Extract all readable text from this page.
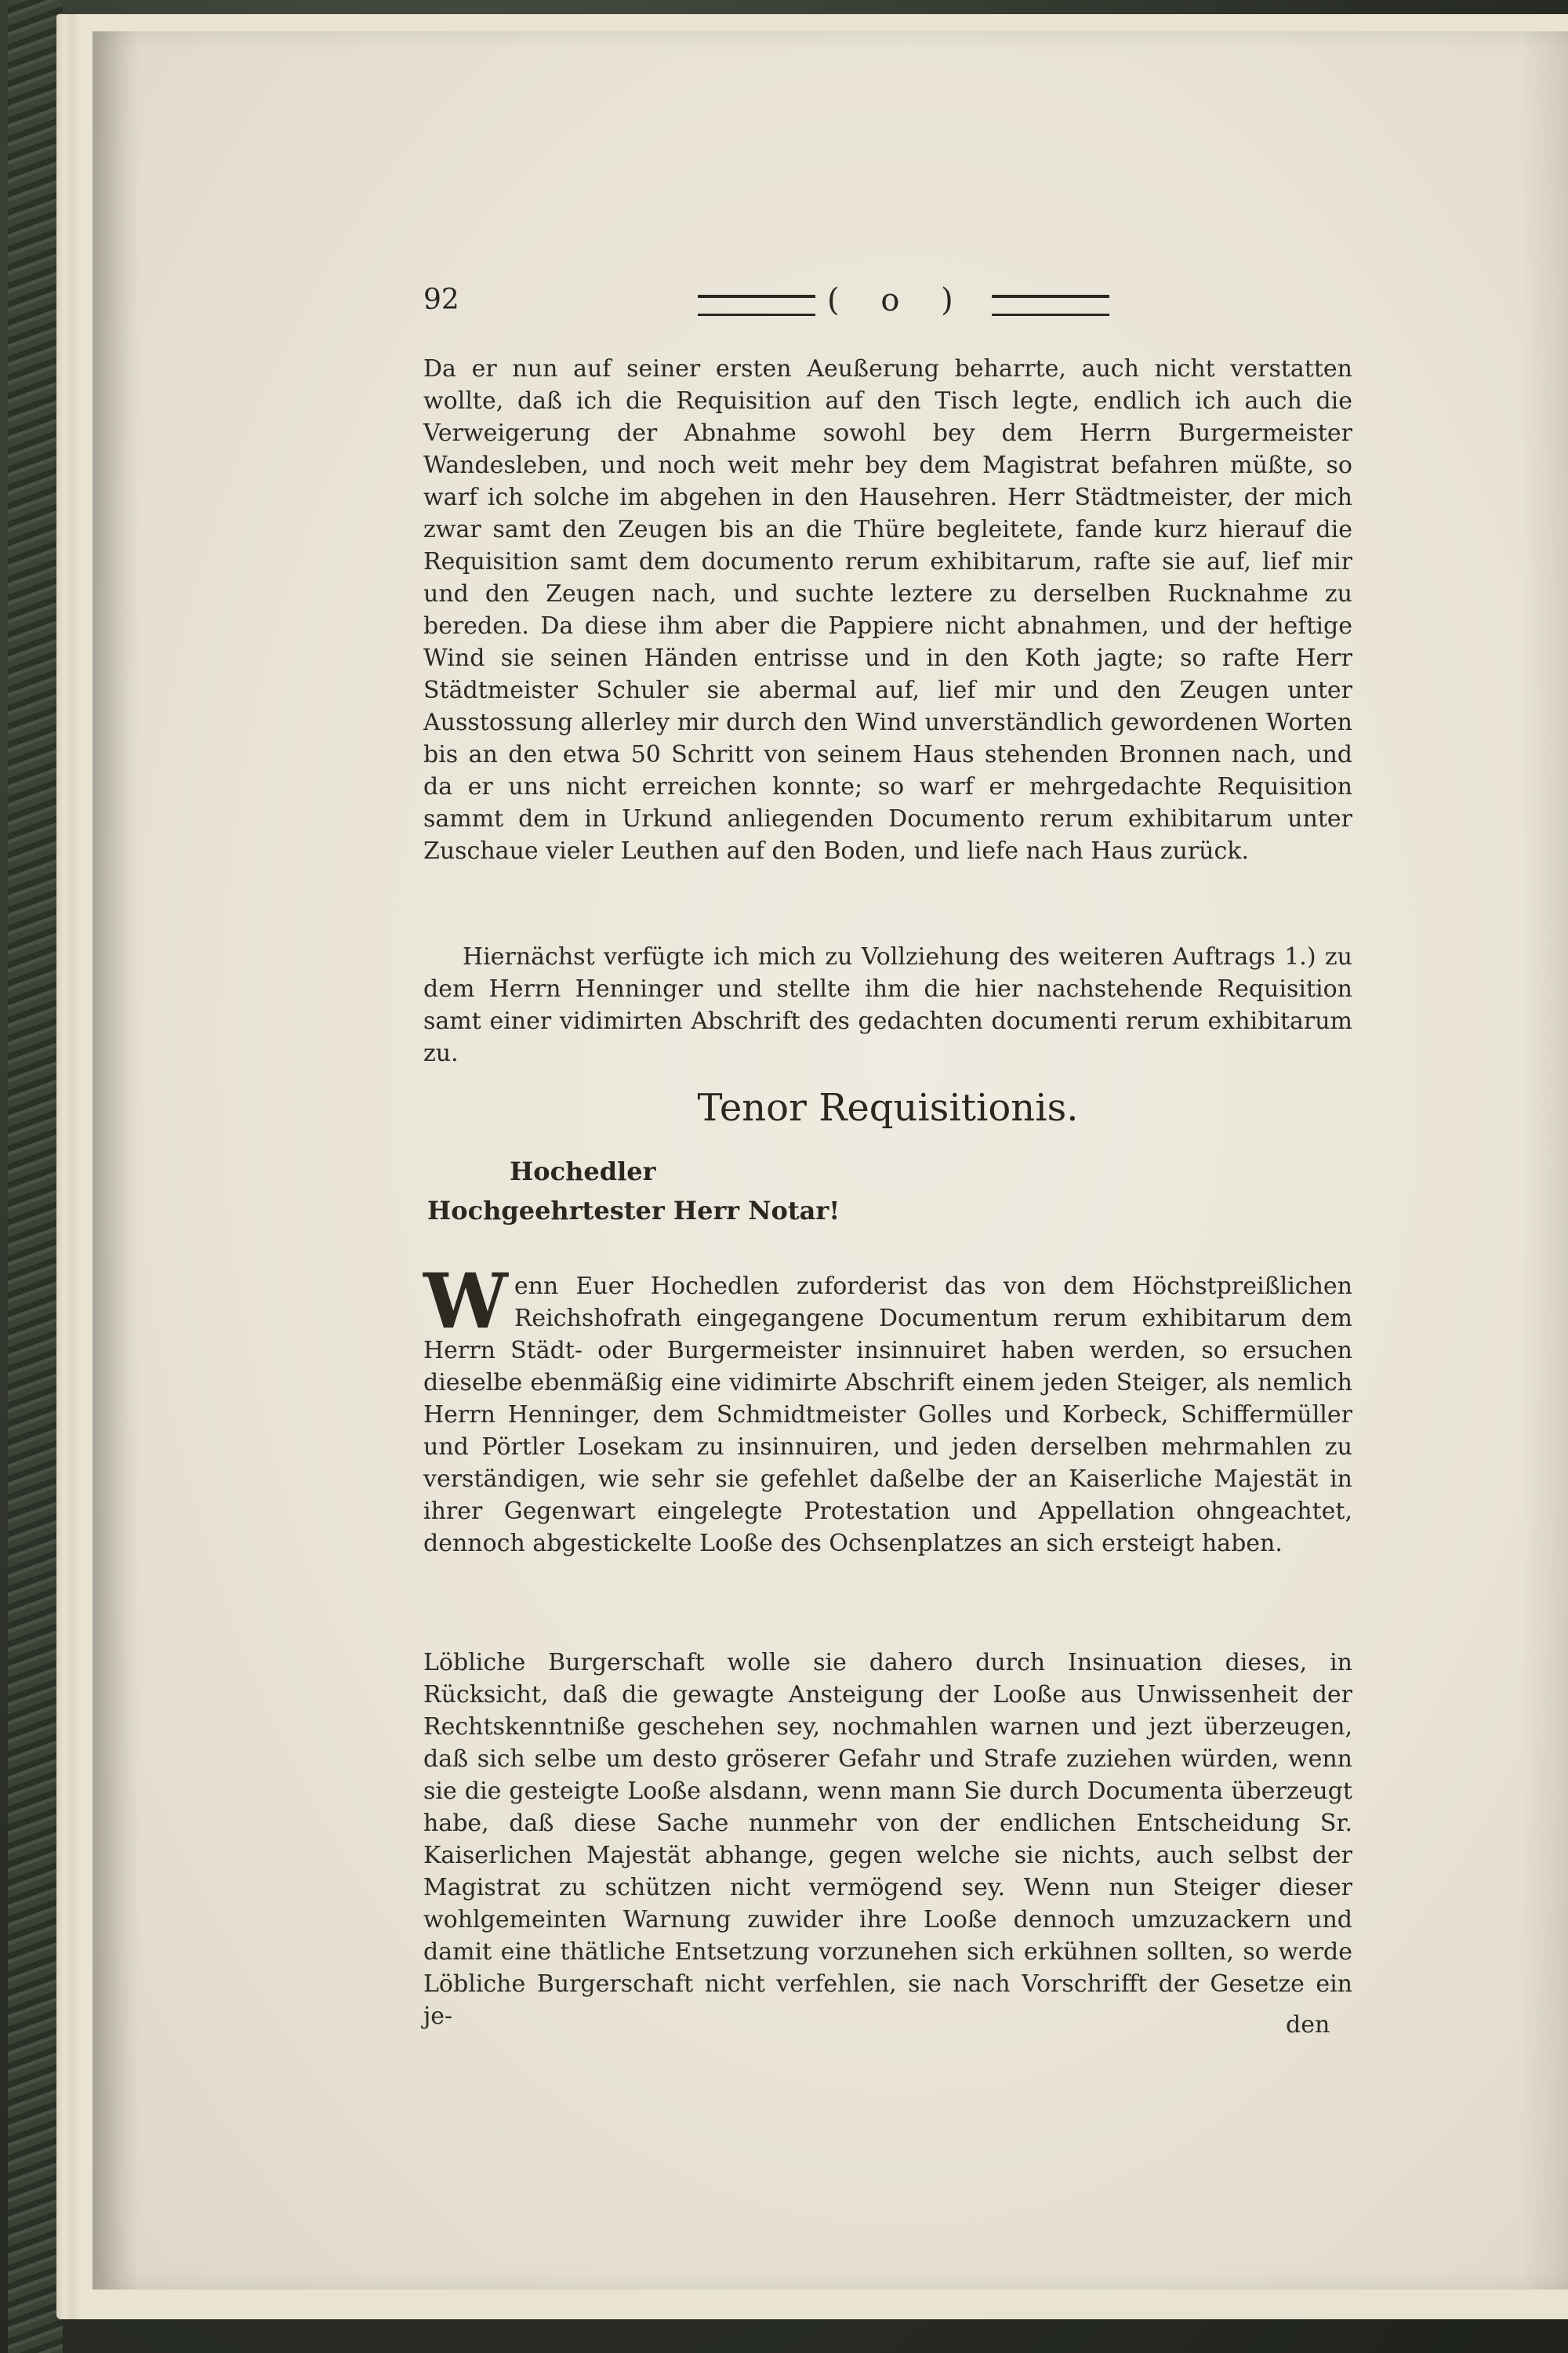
92	( o )

Da er nun auf seiner ersten Aeußerung beharrte, auch nicht verstatten wollte, daß ich die Requisition auf den Tisch legte, endlich ich auch die Verweigerung der Abnahme sowohl bey dem Herrn Burgermeister Wandesleben, und noch weit mehr bey dem Magistrat befahren müßte, so warf ich solche im abgehen in den Hausehren. Herr Städtmeister, der mich zwar samt den Zeugen bis an die Thüre begleitete, fande kurz hierauf die Requisition samt dem documento rerum exhibitarum, rafte sie auf, lief mir und den Zeugen nach, und suchte leztere zu derselben Rucknahme zu bereden. Da diese ihm aber die Pappiere nicht abnahmen, und der heftige Wind sie seinen Händen entrisse und in den Koth jagte; so rafte Herr Städtmeister Schuler sie abermal auf, lief mir und den Zeugen unter Ausstossung allerley mir durch den Wind unverständlich gewordenen Worten bis an den etwa 50 Schritt von seinem Haus stehenden Bronnen nach, und da er uns nicht erreichen konnte; so warf er mehrgedachte Requisition sammt dem in Urkund anliegenden Documento rerum exhibitarum unter Zuschaue vieler Leuthen auf den Boden, und liefe nach Haus zurück.

Hiernächst verfügte ich mich zu Vollziehung des weiteren Auftrags 1.) zu dem Herrn Henninger und stellte ihm die hier nachstehende Requisition samt einer vidimirten Abschrift des gedachten documenti rerum exhibitarum zu.

Tenor Requisitionis.
Hochedler
Hochgeehrtester Herr Notar!
W enn Euer Hochedlen zuforderist das von dem Höchstpreißlichen Reichshofrath eingegangene Documentum rerum exhibitarum dem Herrn Städt- oder Burgermeister insinnuiret haben werden, so ersuchen dieselbe ebenmäßig eine vidimirte Abschrift einem jeden Steiger, als nemlich Herrn Henninger, dem Schmidtmeister Golles und Korbeck, Schiffermüller und Pörtler Losekam zu insinnuiren, und jeden derselben mehrmahlen zu verständigen, wie sehr sie gefehlet daßelbe der an Kaiserliche Majestät in ihrer Gegenwart eingelegte Protestation und Appellation ohngeachtet, dennoch abgestickelte Looße des Ochsenplatzes an sich ersteigt haben.

Löbliche Burgerschaft wolle sie dahero durch Insinuation dieses, in Rücksicht, daß die gewagte Ansteigung der Looße aus Unwissenheit der Rechtskenntniße geschehen sey, nochmahlen warnen und jezt überzeugen, daß sich selbe um desto gröserer Gefahr und Strafe zuziehen würden, wenn sie die gesteigte Looße alsdann, wenn mann Sie durch Documenta überzeugt habe, daß diese Sache nunmehr von der endlichen Entscheidung Sr. Kaiserlichen Majestät abhange, gegen welche sie nichts, auch selbst der Magistrat zu schützen nicht vermögend sey. Wenn nun Steiger dieser wohlgemeinten Warnung zuwider ihre Looße dennoch umzuzackern und damit eine thätliche Entsetzung vorzunehen sich erkühnen sollten, so werde Löbliche Burgerschaft nicht verfehlen, sie nach Vorschrifft der Gesetze ein je-	den
